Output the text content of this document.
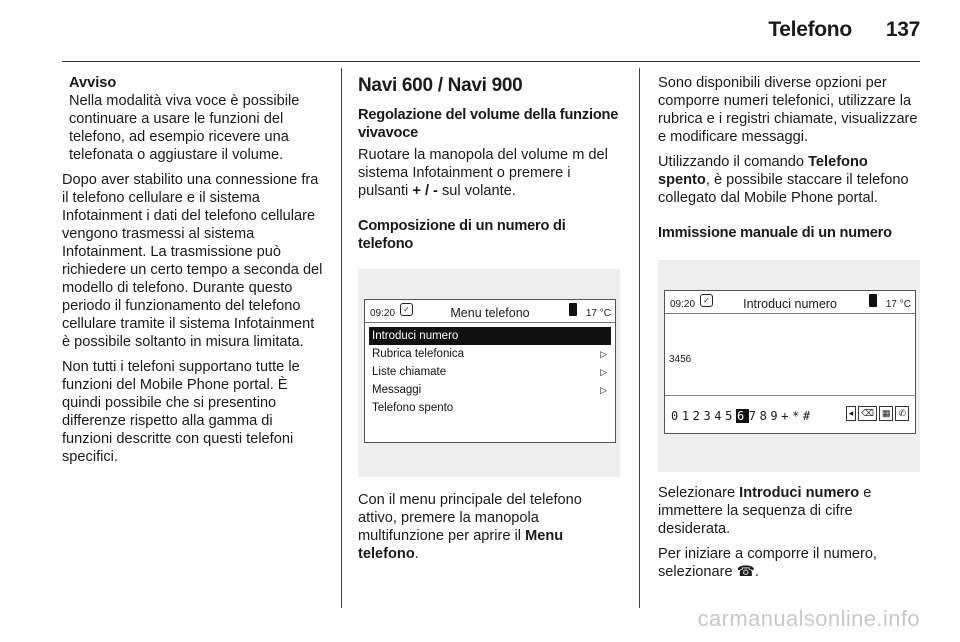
Telefono 137
Avviso
Nella modalità viva voce è possibile continuare a usare le funzioni del telefono, ad esempio ricevere una telefonata o aggiustare il volume.

Dopo aver stabilito una connessione fra il telefono cellulare e il sistema Infotainment i dati del telefono cellulare vengono trasmessi al sistema Infotainment. La trasmissione può richiedere un certo tempo a seconda del modello di telefono. Durante questo periodo il funzionamento del telefono cellulare tramite il sistema Infotainment è possibile soltanto in misura limitata.

Non tutti i telefoni supportano tutte le funzioni del Mobile Phone portal. È quindi possibile che si presentino differenze rispetto alla gamma di funzioni descritte con questi telefoni specifici.

Navi 600 / Navi 900
Regolazione del volume della funzione vivavoce

Ruotare la manopola del volume m del sistema Infotainment o premere i pulsanti + / - sul volante.

Composizione di un numero di telefono
09:20	✓	Menu telefono	17 °C
Introduci numero
Rubrica telefonica	▷
Liste chiamate	▷
Messaggi	▷
Telefono spento

Con il menu principale del telefono attivo, premere la manopola multifunzione per aprire il Menu telefono.

Sono disponibili diverse opzioni per comporre numeri telefonici, utilizzare la rubrica e i registri chiamate, visualizzare e modificare messaggi.

Utilizzando il comando Telefono spento, è possibile staccare il telefono collegato dal Mobile Phone portal.

Immissione manuale di un numero
09:20	✓	Introduci numero	17 °C
3456
0123456789+*#	◂ ⌫ ▦ ✆

Selezionare Introduci numero e immettere la sequenza di cifre desiderata.

Per iniziare a comporre il numero, selezionare ☎.

carmanualsonline.info
